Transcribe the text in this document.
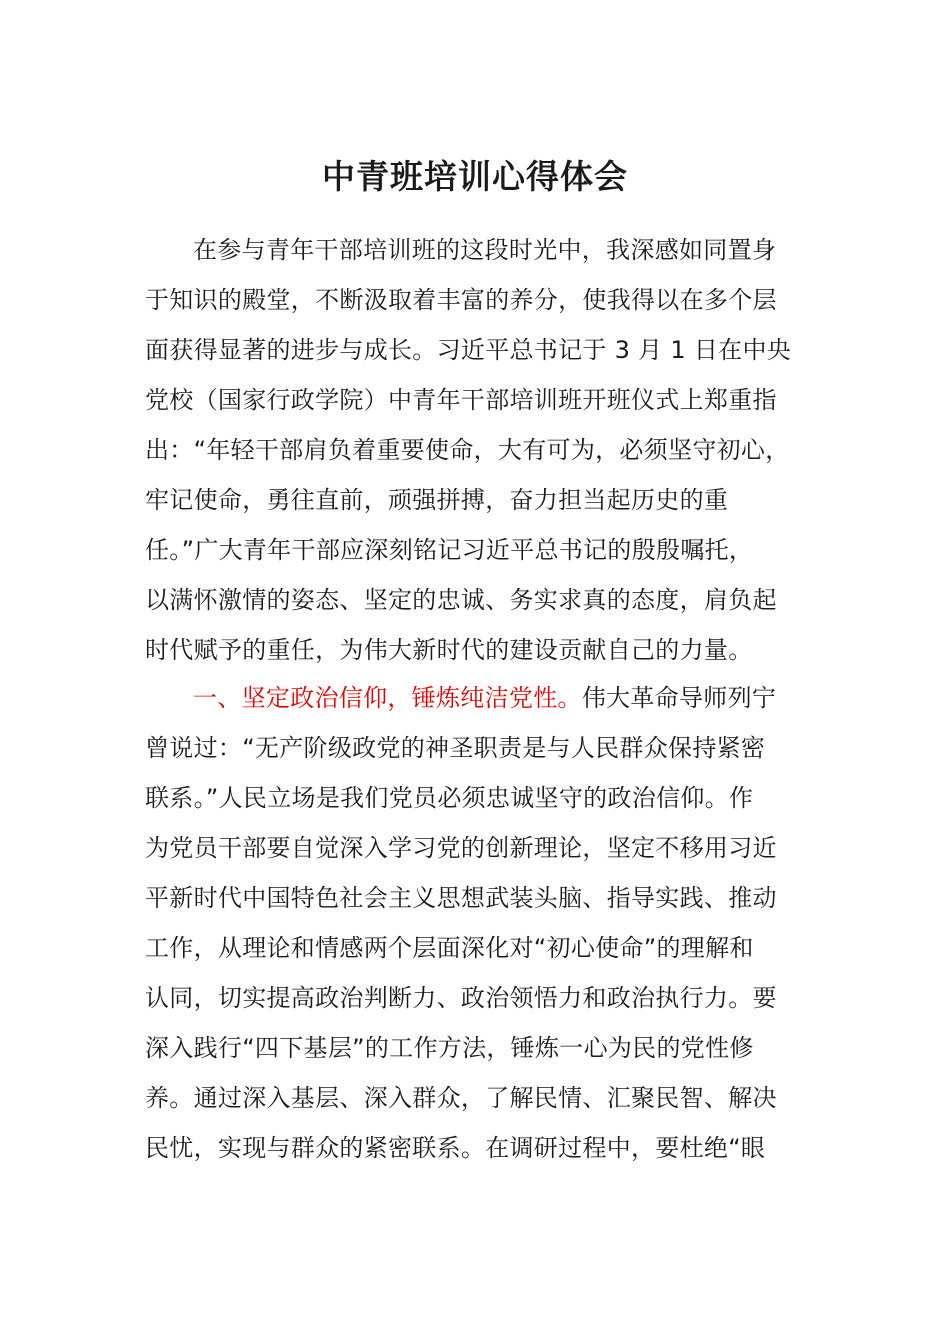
中青班培训心得体会
在参与青年干部培训班的这段时光中，我深感如同置身
于知识的殿堂，不断汲取着丰富的养分，使我得以在多个层
面获得显著的进步与成长。习近平总书记于 3 月 1 日在中央
党校（国家行政学院）中青年干部培训班开班仪式上郑重指
出：“年轻干部肩负着重要使命，大有可为，必须坚守初心，
牢记使命，勇往直前，顽强拼搏，奋力担当起历史的重
任。”广大青年干部应深刻铭记习近平总书记的殷殷嘱托，
以满怀激情的姿态、坚定的忠诚、务实求真的态度，肩负起
时代赋予的重任，为伟大新时代的建设贡献自己的力量。
一、坚定政治信仰，锤炼纯洁党性。伟大革命导师列宁
曾说过：“无产阶级政党的神圣职责是与人民群众保持紧密
联系。”人民立场是我们党员必须忠诚坚守的政治信仰。作
为党员干部要自觉深入学习党的创新理论，坚定不移用习近
平新时代中国特色社会主义思想武装头脑、指导实践、推动
工作，从理论和情感两个层面深化对“初心使命”的理解和
认同，切实提高政治判断力、政治领悟力和政治执行力。要
深入践行“四下基层”的工作方法，锤炼一心为民的党性修
养。通过深入基层、深入群众，了解民情、汇聚民智、解决
民忧，实现与群众的紧密联系。在调研过程中，要杜绝“眼
